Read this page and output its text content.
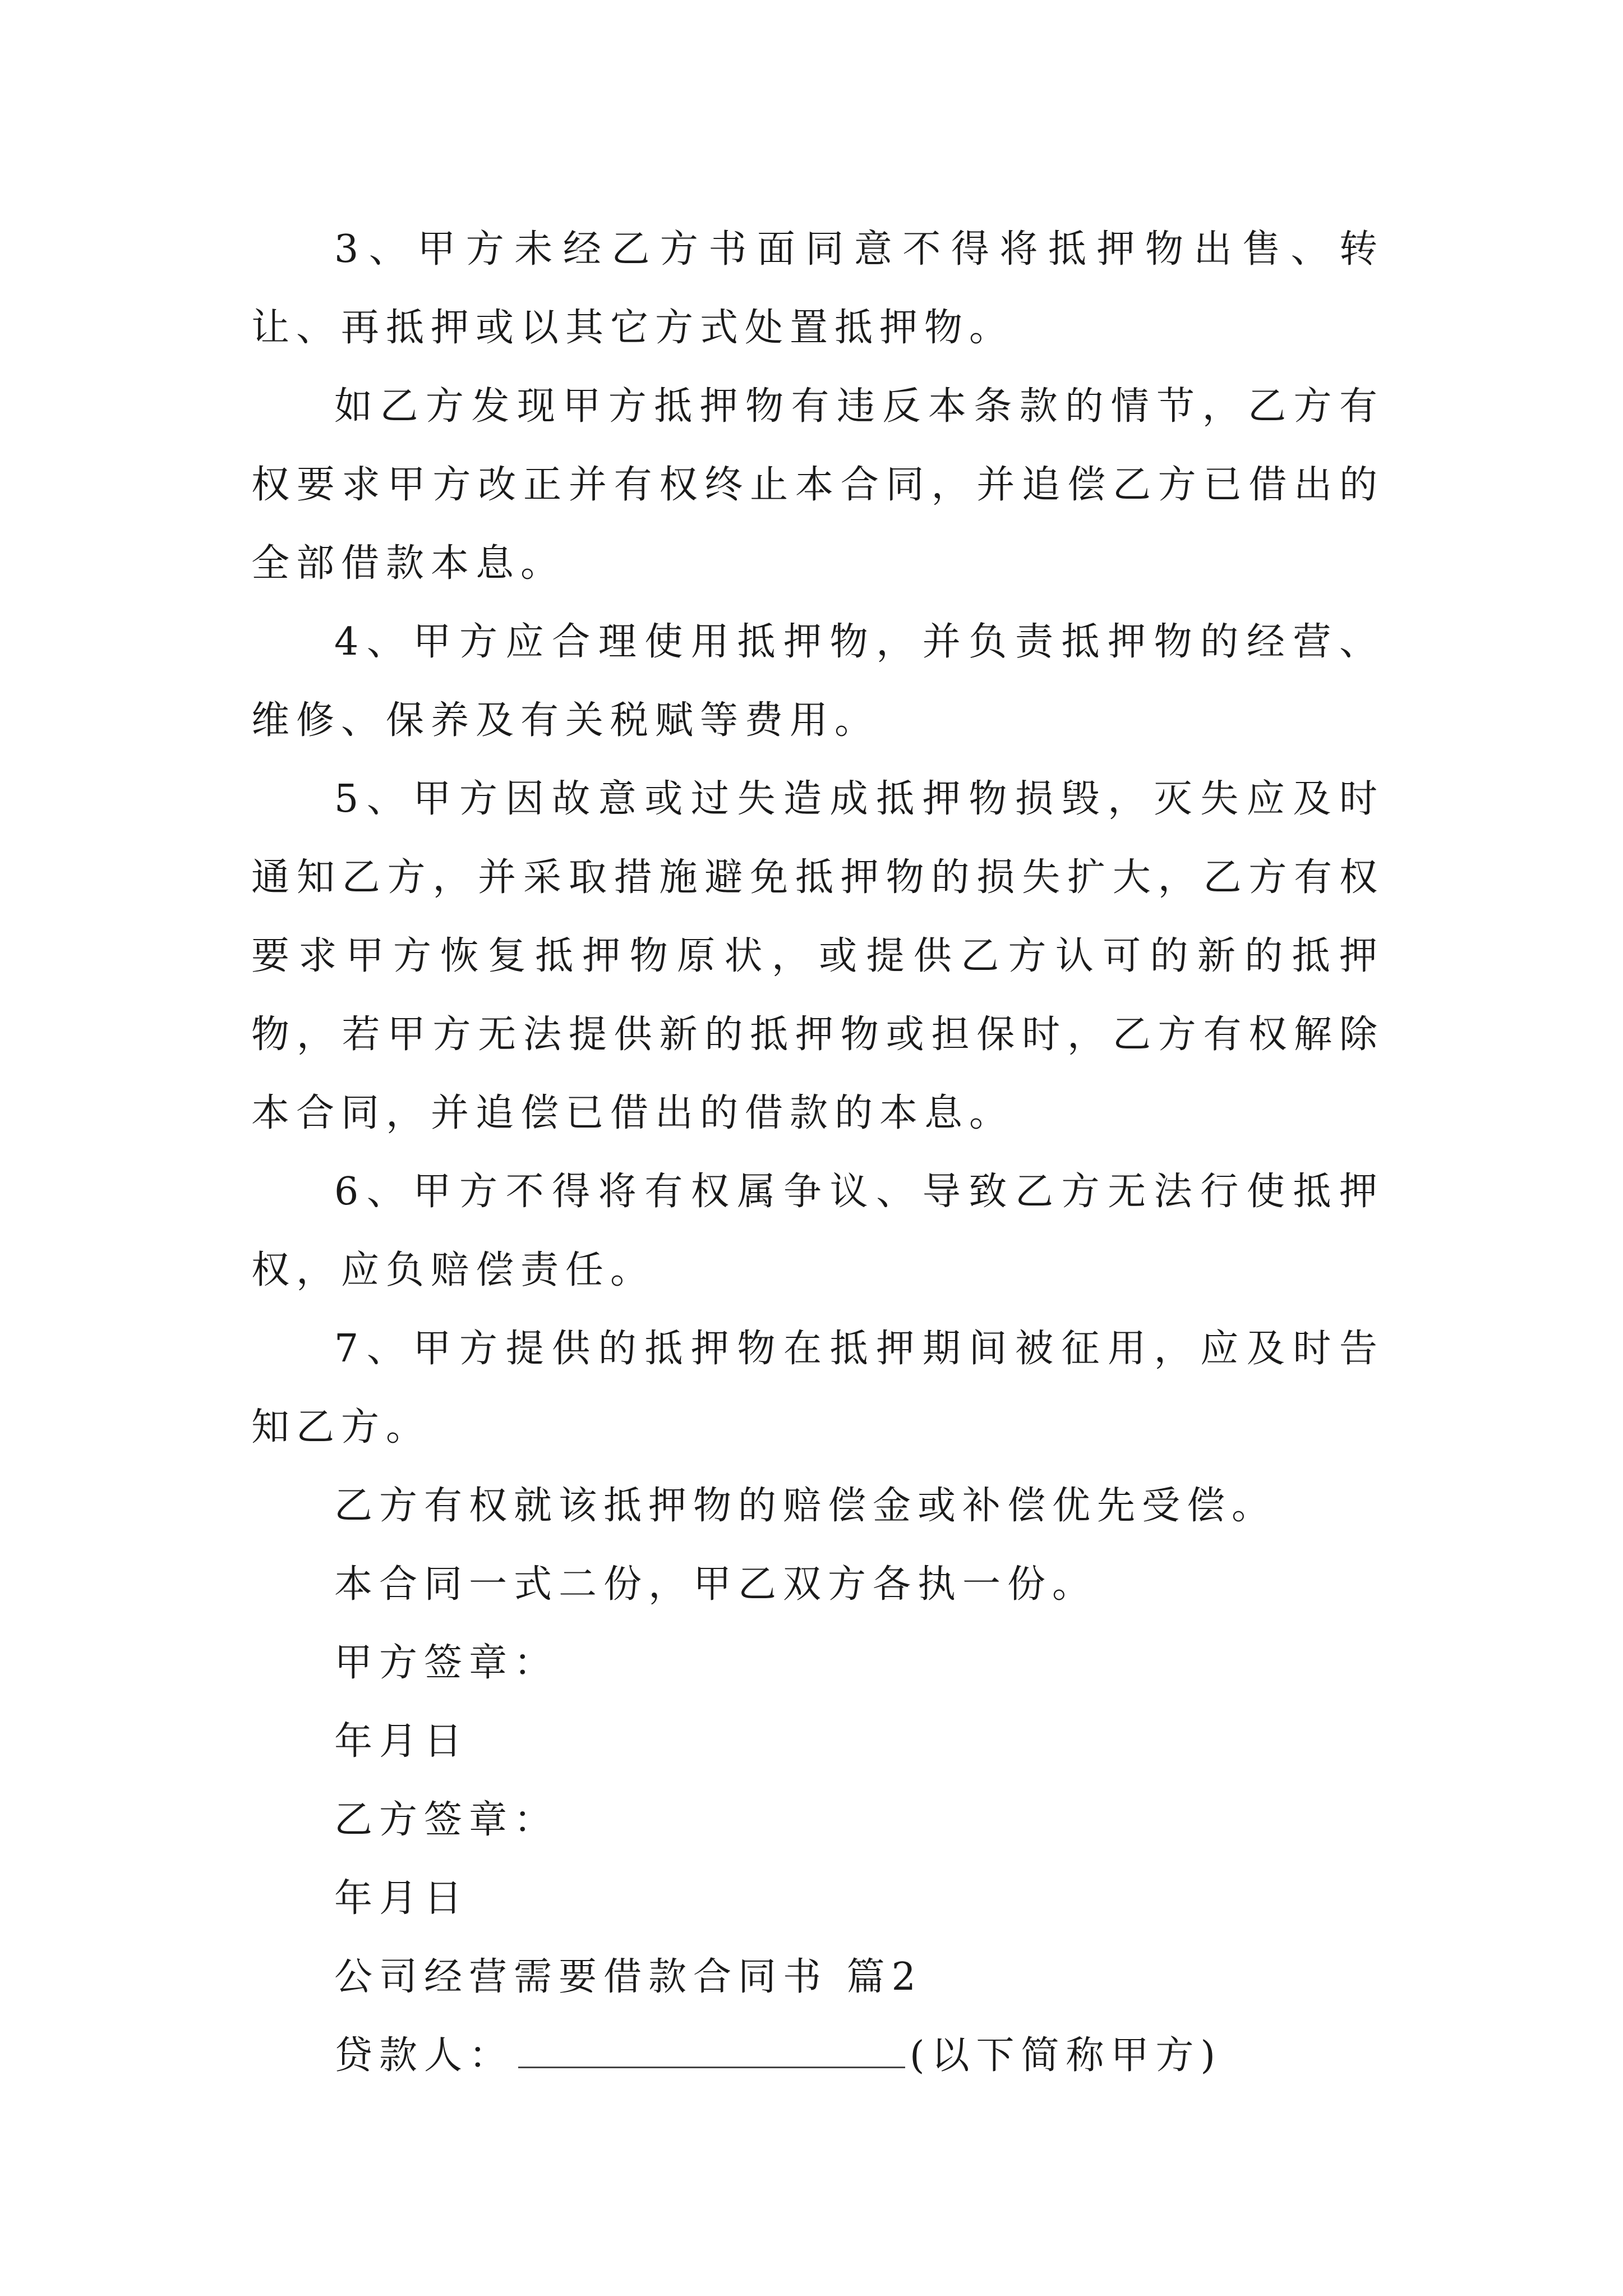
3、甲方未经乙方书面同意不得将抵押物出售、转让、再抵押或以其它方式处置抵押物。

如乙方发现甲方抵押物有违反本条款的情节，乙方有权要求甲方改正并有权终止本合同，并追偿乙方已借出的全部借款本息。

4、甲方应合理使用抵押物，并负责抵押物的经营、维修、保养及有关税赋等费用。

5、甲方因故意或过失造成抵押物损毁，灭失应及时通知乙方，并采取措施避免抵押物的损失扩大，乙方有权要求甲方恢复抵押物原状，或提供乙方认可的新的抵押物，若甲方无法提供新的抵押物或担保时，乙方有权解除本合同，并追偿已借出的借款的本息。

6、甲方不得将有权属争议、导致乙方无法行使抵押权，应负赔偿责任。

7、甲方提供的抵押物在抵押期间被征用，应及时告知乙方。

乙方有权就该抵押物的赔偿金或补偿优先受偿。

本合同一式二份，甲乙双方各执一份。

甲方签章：

年月日

乙方签章：

年月日

公司经营需要借款合同书 篇2

贷款人：	(以下简称甲方)
